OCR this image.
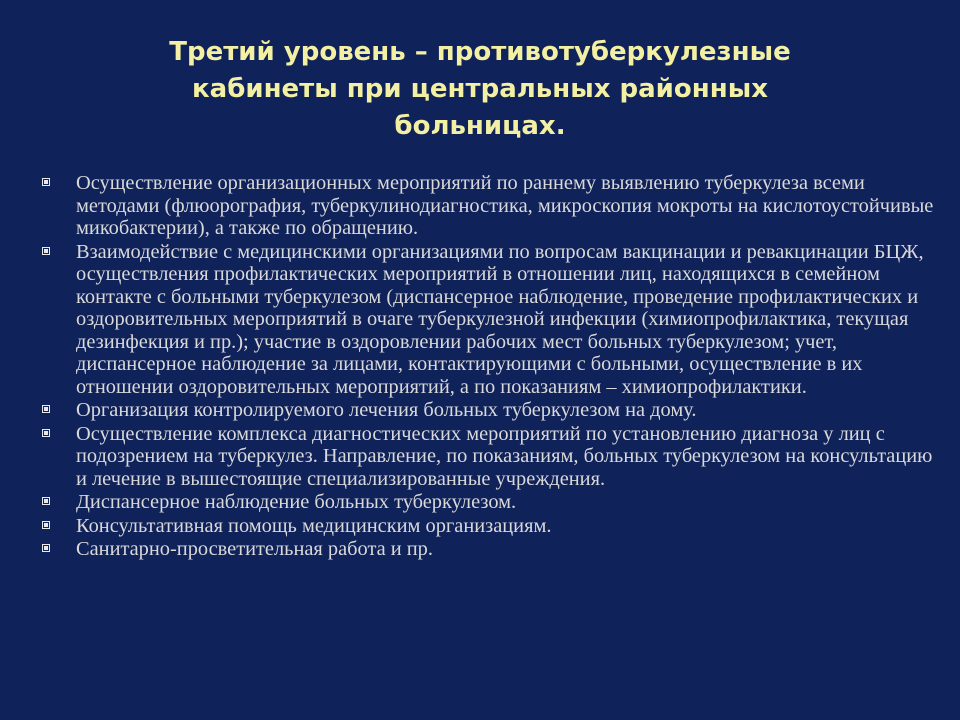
Третий уровень – противотуберкулезные
кабинеты при центральных районных
больницах.
Осуществление организационных мероприятий по раннему выявлению туберкулеза всеми методами (флюорография, туберкулинодиагностика, микроскопия мокроты на кислотоустойчивые микобактерии), а также по обращению.
Взаимодействие с медицинскими организациями по вопросам вакцинации и ревакцинации БЦЖ, осуществления профилактических мероприятий в отношении лиц, находящихся в семейном контакте с больными туберкулезом (диспансерное наблюдение, проведение профилактических и оздоровительных мероприятий в очаге туберкулезной инфекции (химиопрофилактика, текущая дезинфекция и пр.); участие в оздоровлении рабочих мест больных туберкулезом; учет, диспансерное наблюдение за лицами, контактирующими с больными, осуществление в их отношении оздоровительных мероприятий, а по показаниям – химиопрофилактики.
Организация контролируемого лечения больных туберкулезом на дому.
Осуществление комплекса диагностических мероприятий по установлению диагноза у лиц с подозрением на туберкулез. Направление, по показаниям, больных туберкулезом на консультацию и лечение в вышестоящие специализированные учреждения.
Диспансерное наблюдение больных туберкулезом.
Консультативная помощь медицинским организациям.
Санитарно-просветительная работа и пр.
